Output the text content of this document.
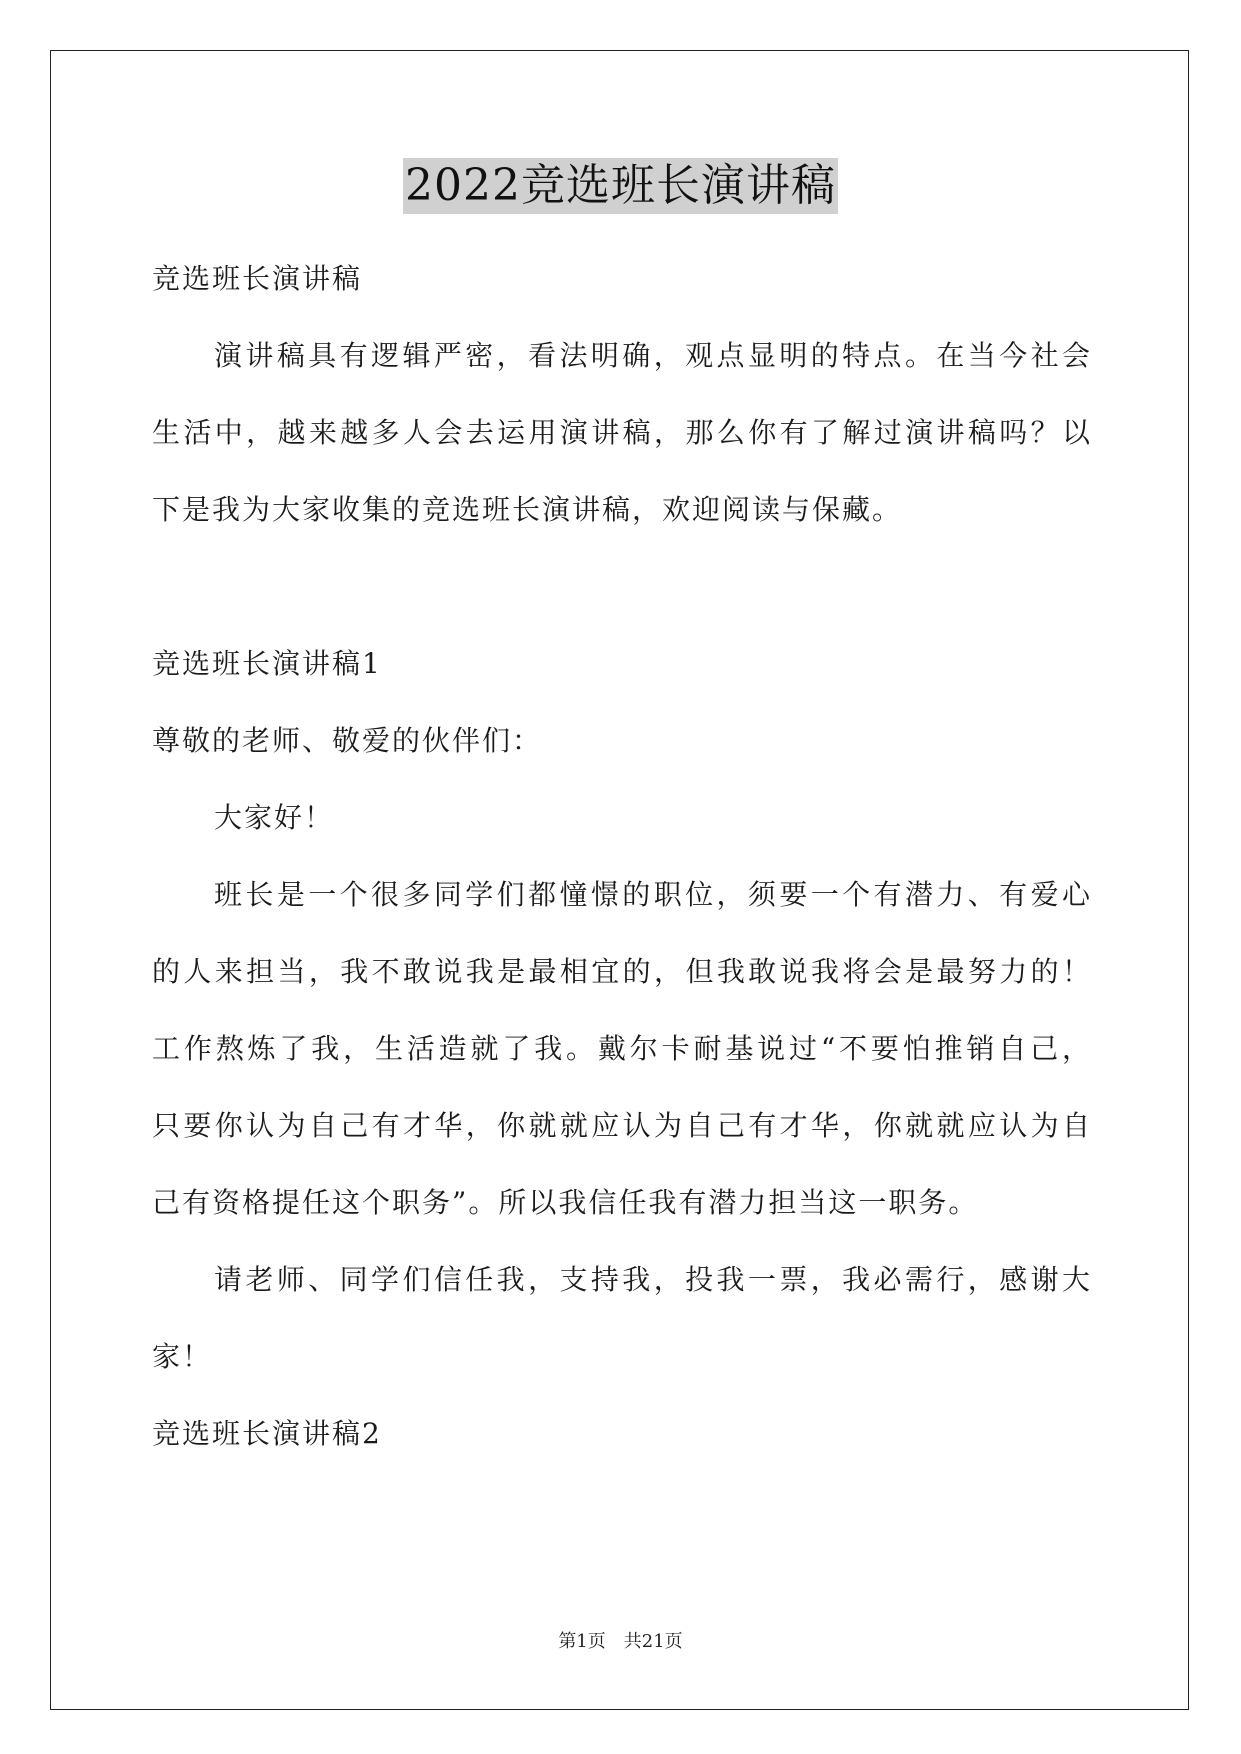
2022竞选班长演讲稿
竞选班长演讲稿
演讲稿具有逻辑严密，看法明确，观点显明的特点。在当今社会
生活中，越来越多人会去运用演讲稿，那么你有了解过演讲稿吗？以
下是我为大家收集的竞选班长演讲稿，欢迎阅读与保藏。
竞选班长演讲稿1
尊敬的老师、敬爱的伙伴们：
大家好！
班长是一个很多同学们都憧憬的职位，须要一个有潜力、有爱心
的人来担当，我不敢说我是最相宜的，但我敢说我将会是最努力的！
工作熬炼了我，生活造就了我。戴尔卡耐基说过“不要怕推销自己，
只要你认为自己有才华，你就就应认为自己有才华，你就就应认为自
己有资格提任这个职务”。所以我信任我有潜力担当这一职务。
请老师、同学们信任我，支持我，投我一票，我必需行，感谢大
家！
竞选班长演讲稿2
第1页　共21页
